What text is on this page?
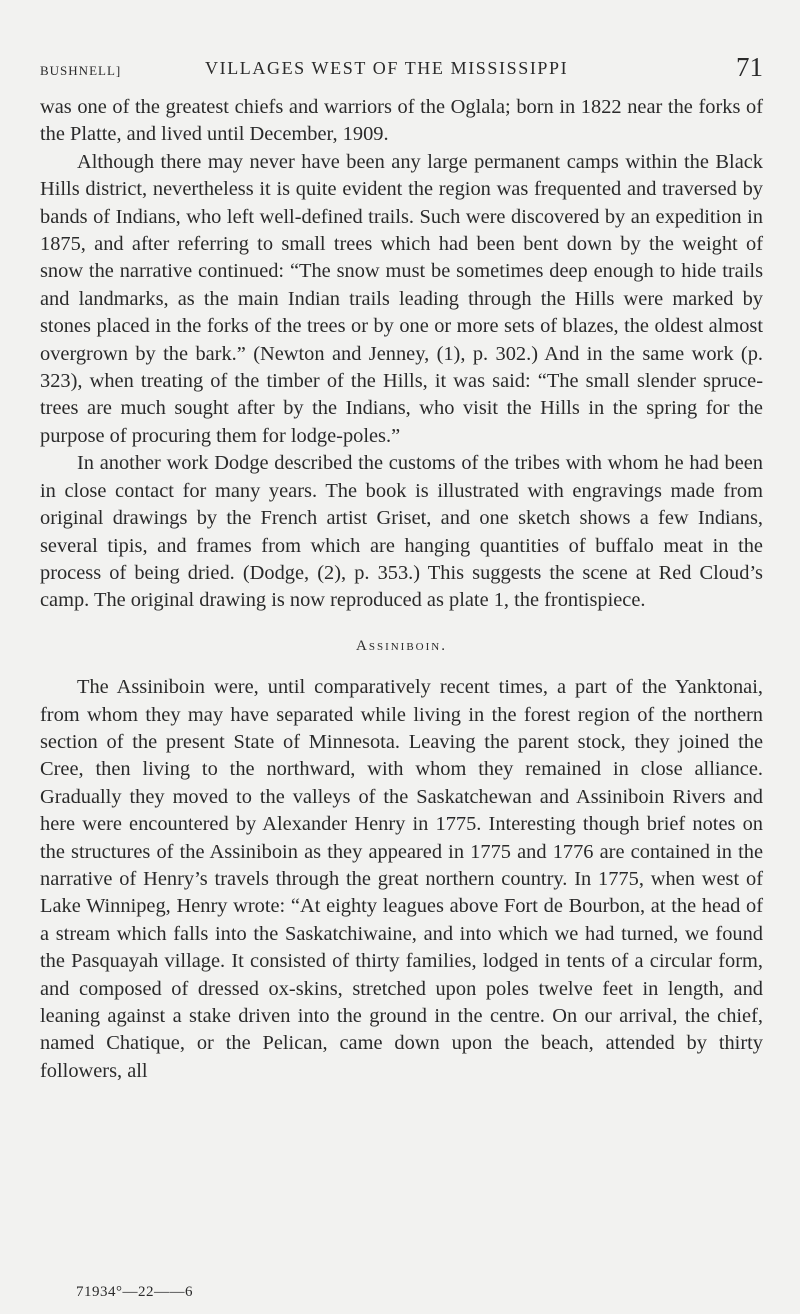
BUSHNELL]	VILLAGES WEST OF THE MISSISSIPPI	71

was one of the greatest chiefs and warriors of the Oglala; born in 1822 near the forks of the Platte, and lived until December, 1909.

Although there may never have been any large permanent camps within the Black Hills district, nevertheless it is quite evident the region was frequented and traversed by bands of Indians, who left well-defined trails. Such were discovered by an expedition in 1875, and after referring to small trees which had been bent down by the weight of snow the narrative continued: “The snow must be sometimes deep enough to hide trails and landmarks, as the main Indian trails leading through the Hills were marked by stones placed in the forks of the trees or by one or more sets of blazes, the oldest almost overgrown by the bark.” (Newton and Jenney, (1), p. 302.) And in the same work (p. 323), when treating of the timber of the Hills, it was said: “The small slender spruce-trees are much sought after by the Indians, who visit the Hills in the spring for the purpose of procuring them for lodge-poles.”

In another work Dodge described the customs of the tribes with whom he had been in close contact for many years. The book is illustrated with engravings made from original drawings by the French artist Griset, and one sketch shows a few Indians, several tipis, and frames from which are hanging quantities of buffalo meat in the process of being dried. (Dodge, (2), p. 353.) This suggests the scene at Red Cloud’s camp. The original drawing is now reproduced as plate 1, the frontispiece.

Assiniboin.

The Assiniboin were, until comparatively recent times, a part of the Yanktonai, from whom they may have separated while living in the forest region of the northern section of the present State of Minnesota. Leaving the parent stock, they joined the Cree, then living to the northward, with whom they remained in close alliance. Gradually they moved to the valleys of the Saskatchewan and Assiniboin Rivers and here were encountered by Alexander Henry in 1775. Interesting though brief notes on the structures of the Assiniboin as they appeared in 1775 and 1776 are contained in the narrative of Henry’s travels through the great northern country. In 1775, when west of Lake Winnipeg, Henry wrote: “At eighty leagues above Fort de Bourbon, at the head of a stream which falls into the Saskatchiwaine, and into which we had turned, we found the Pasquayah village. It consisted of thirty families, lodged in tents of a circular form, and composed of dressed ox-skins, stretched upon poles twelve feet in length, and leaning against a stake driven into the ground in the centre. On our arrival, the chief, named Chatique, or the Pelican, came down upon the beach, attended by thirty followers, all

71934°—22——6
